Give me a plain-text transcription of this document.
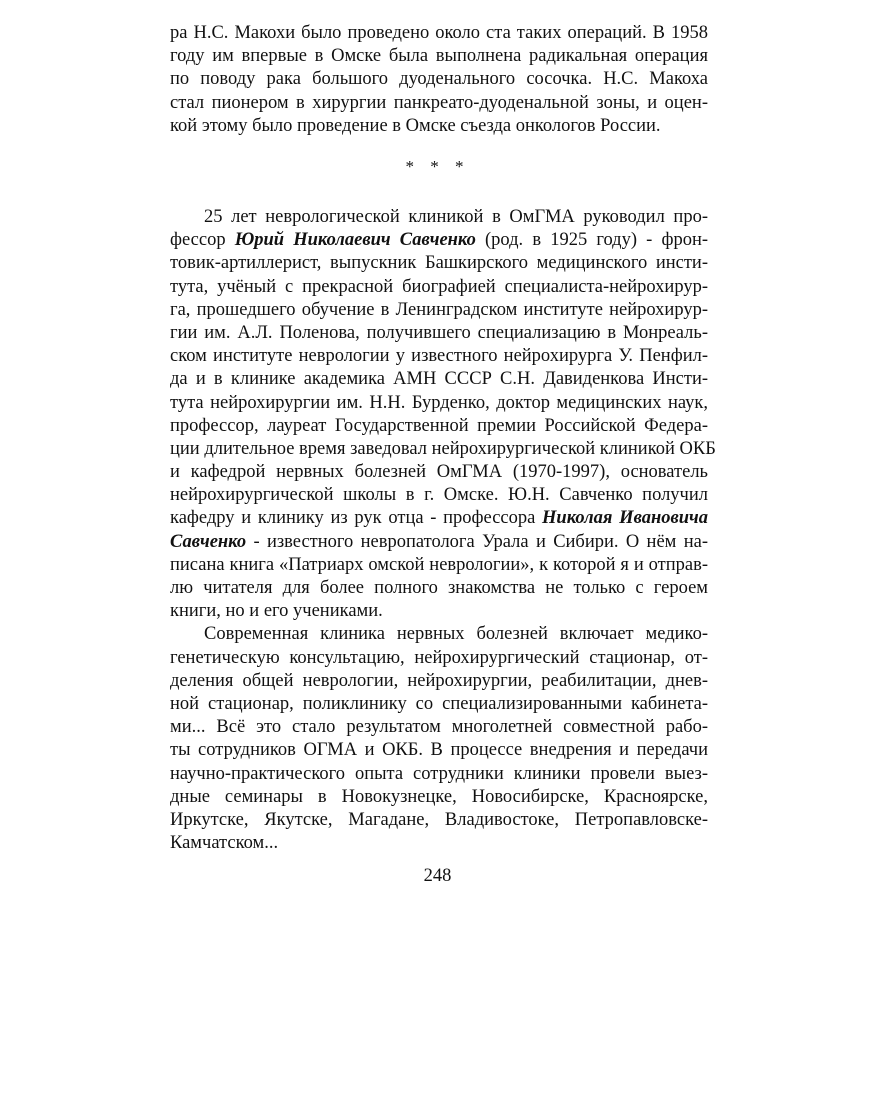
ра Н.С. Макохи было проведено около ста таких операций. В 1958
году им впервые в Омске была выполнена радикальная операция
по поводу рака большого дуоденального сосочка. Н.С. Макоха
стал пионером в хирургии панкреато-дуоденальной зоны, и оцен-
кой этому было проведение в Омске съезда онкологов России.
* * *
25 лет неврологической клиникой в ОмГМА руководил про-
фессор Юрий Николаевич Савченко (род. в 1925 году) - фрон-
товик-артиллерист, выпускник Башкирского медицинского инсти-
тута, учёный с прекрасной биографией специалиста-нейрохирур-
га, прошедшего обучение в Ленинградском институте нейрохирур-
гии им. А.Л. Поленова, получившего специализацию в Монреаль-
ском институте неврологии у известного нейрохирурга У. Пенфил-
да и в клинике академика АМН СССР С.Н. Давиденкова Инсти-
тута нейрохирургии им. Н.Н. Бурденко, доктор медицинских наук,
профессор, лауреат Государственной премии Российской Федера-
ции длительное время заведовал нейрохирургической клиникой ОКБ
и кафедрой нервных болезней ОмГМА (1970-1997), основатель
нейрохирургической школы в г. Омске. Ю.Н. Савченко получил
кафедру и клинику из рук отца - профессора Николая Ивановича
Савченко - известного невропатолога Урала и Сибири. О нём на-
писана книга «Патриарх омской неврологии», к которой я и отправ-
лю читателя для более полного знакомства не только с героем
книги, но и его учениками.
Современная клиника нервных болезней включает медико-
генетическую консультацию, нейрохирургический стационар, от-
деления общей неврологии, нейрохирургии, реабилитации, днев-
ной стационар, поликлинику со специализированными кабинета-
ми... Всё это стало результатом многолетней совместной рабо-
ты сотрудников ОГМА и ОКБ. В процессе внедрения и передачи
научно-практического опыта сотрудники клиники провели выез-
дные семинары в Новокузнецке, Новосибирске, Красноярске,
Иркутске, Якутске, Магадане, Владивостоке, Петропавловске-
Камчатском...
248
